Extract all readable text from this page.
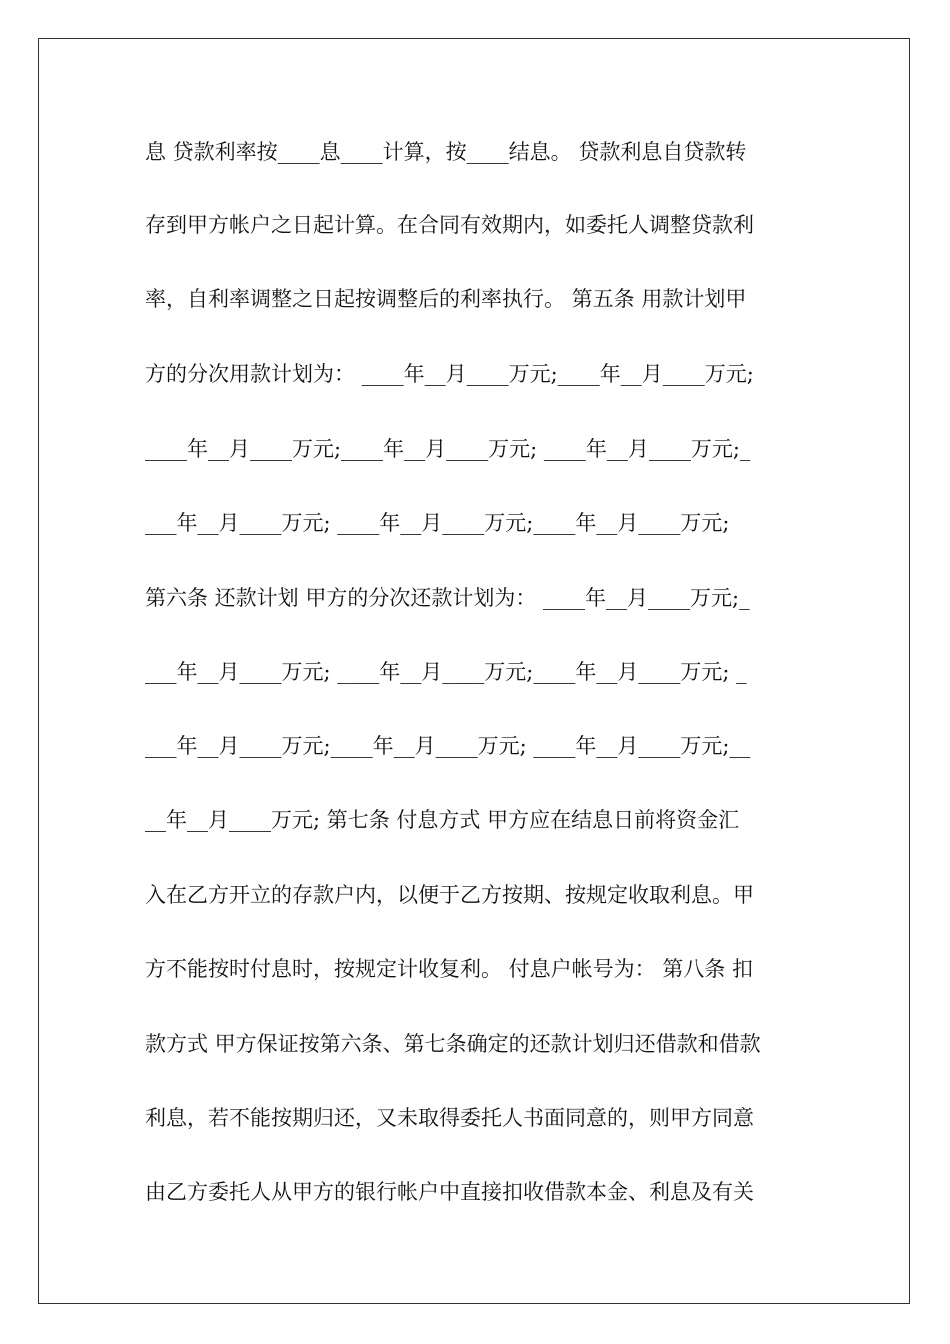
息 贷款利率按____息____计算，按____结息。 贷款利息自贷款转

存到甲方帐户之日起计算。在合同有效期内，如委托人调整贷款利

率，自利率调整之日起按调整后的利率执行。 第五条 用款计划甲

方的分次用款计划为： ____年__月____万元;____年__月____万元;

____年__月____万元;____年__月____万元; ____年__月____万元;_

___年__月____万元; ____年__月____万元;____年__月____万元;

第六条 还款计划 甲方的分次还款计划为： ____年__月____万元;_

___年__月____万元; ____年__月____万元;____年__月____万元; _

___年__月____万元;____年__月____万元; ____年__月____万元;__

__年__月____万元; 第七条 付息方式 甲方应在结息日前将资金汇

入在乙方开立的存款户内，以便于乙方按期、按规定收取利息。甲

方不能按时付息时，按规定计收复利。 付息户帐号为： 第八条 扣

款方式 甲方保证按第六条、第七条确定的还款计划归还借款和借款

利息，若不能按期归还，又未取得委托人书面同意的，则甲方同意

由乙方委托人从甲方的银行帐户中直接扣收借款本金、利息及有关
